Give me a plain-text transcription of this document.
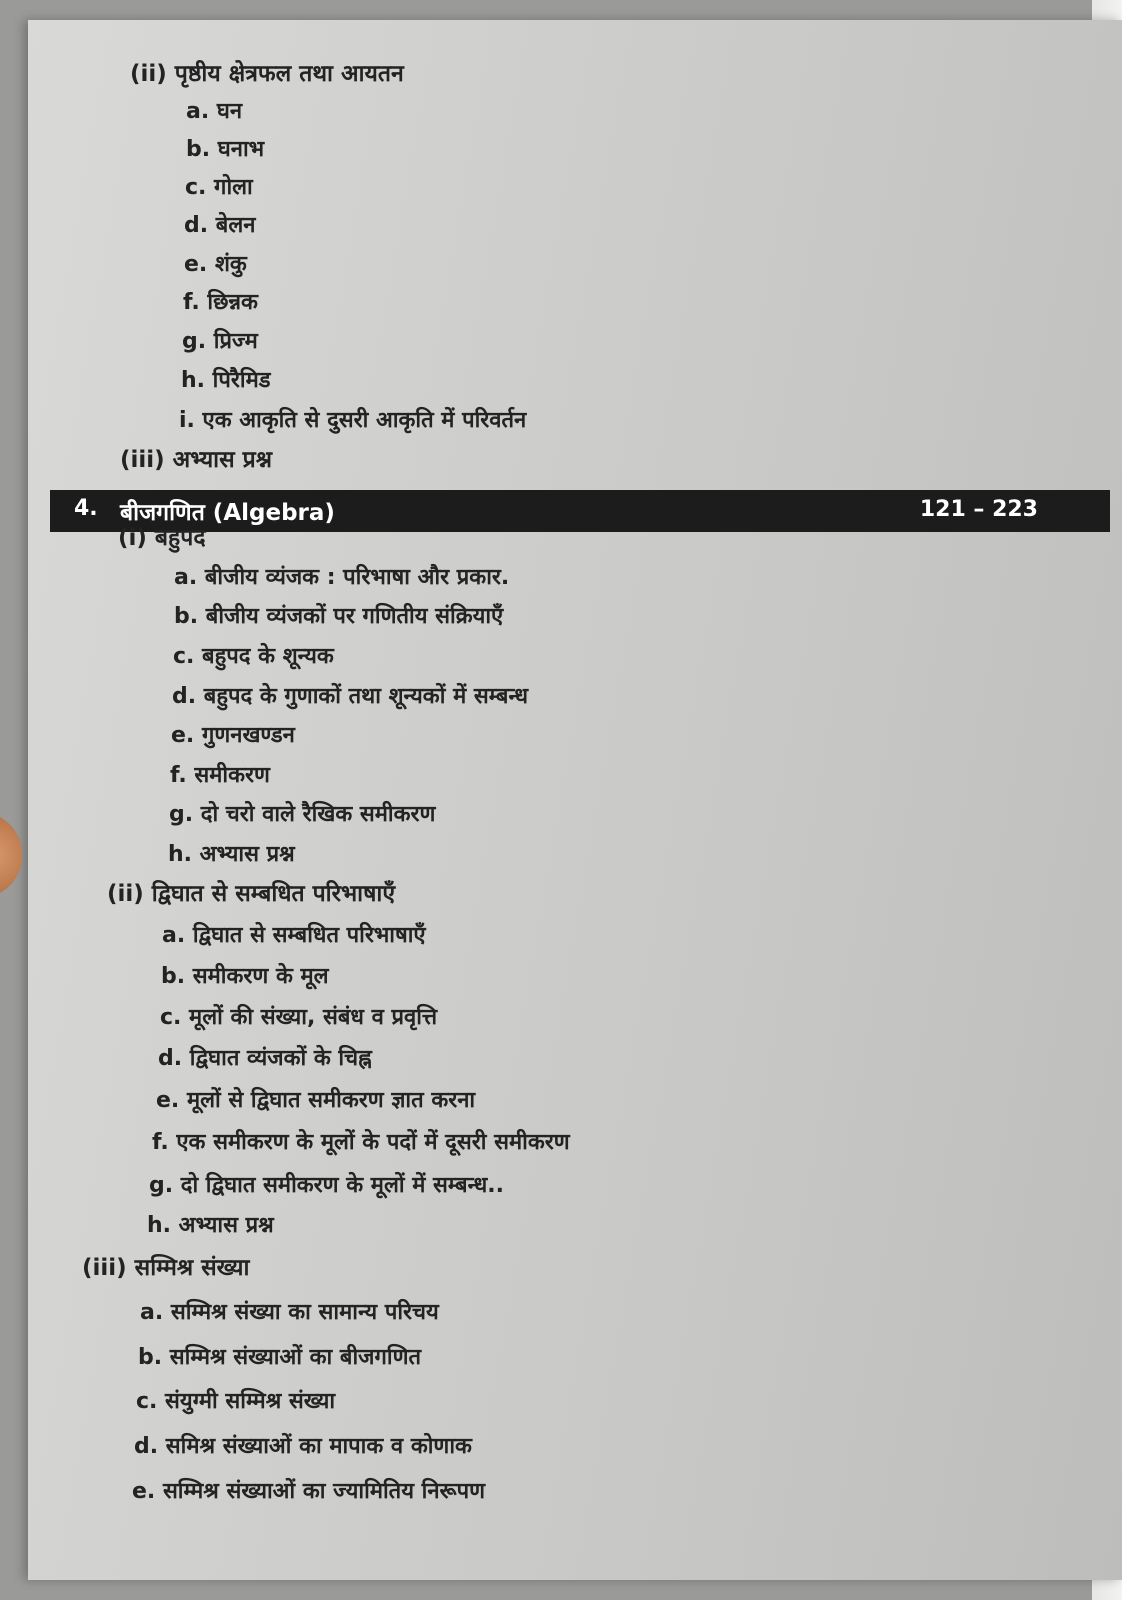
(ii) पृष्ठीय क्षेत्रफल तथा आयतन

a. घन

b. घनाभ

c. गोला

d. बेलन

e. शंकु

f. छिन्नक

g. प्रिज्म

h. पिरैमिड

i. एक आकृति से दुसरी आकृति में परिवर्तन

(iii) अभ्यास प्रश्न

4. बीजगणित (Algebra)	121 – 223

(i) बहुपद

a. बीजीय व्यंजक : परिभाषा और प्रकार.

b. बीजीय व्यंजकों पर गणितीय संक्रियाएँ

c. बहुपद के शून्यक

d. बहुपद के गुणाकों तथा शून्यकों में सम्बन्ध

e. गुणनखण्डन

f. समीकरण

g. दो चरो वाले रैखिक समीकरण

h. अभ्यास प्रश्न

(ii) द्विघात से सम्बधित परिभाषाएँ

a. द्विघात से सम्बधित परिभाषाएँ

b. समीकरण के मूल

c. मूलों की संख्या, संबंध व प्रवृत्ति

d. द्विघात व्यंजकों के चिह्न

e. मूलों से द्विघात समीकरण ज्ञात करना

f. एक समीकरण के मूलों के पदों में दूसरी समीकरण

g. दो द्विघात समीकरण के मूलों में सम्बन्ध..

h. अभ्यास प्रश्न

(iii) सम्मिश्र संख्या

a. सम्मिश्र संख्या का सामान्य परिचय

b. सम्मिश्र संख्याओं का बीजगणित

c. संयुग्मी सम्मिश्र संख्या

d. समिश्र संख्याओं का मापाक व कोणाक

e. सम्मिश्र संख्याओं का ज्यामितिय निरूपण
